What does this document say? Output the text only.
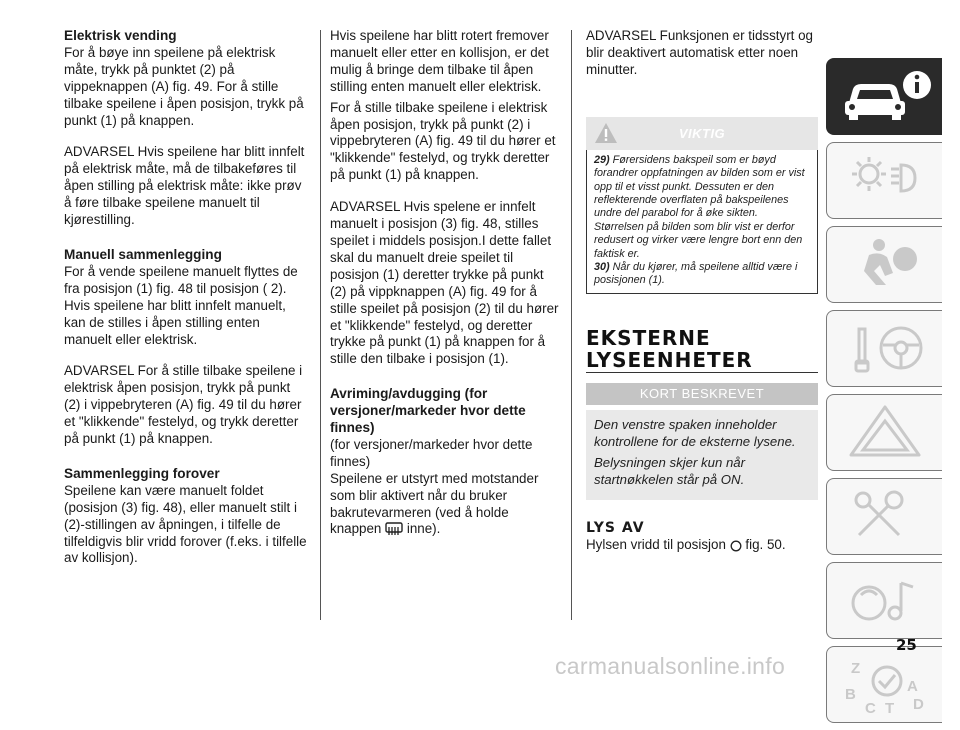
Elektrisk vending

For å bøye inn speilene på elektrisk måte, trykk på punktet (2) på vippeknappen (A) fig. 49. For å stille tilbake speilene i åpen posisjon, trykk på punkt (1) på knappen.

ADVARSEL Hvis speilene har blitt innfelt på elektrisk måte, må de tilbakeføres til åpen stilling på elektrisk måte: ikke prøv å føre tilbake speilene manuelt til kjørestilling.

Manuell sammenlegging

For å vende speilene manuelt flyttes de fra posisjon (1) fig. 48 til posisjon ( 2). Hvis speilene har blitt innfelt manuelt, kan de stilles i åpen stilling enten manuelt eller elektrisk.

ADVARSEL For å stille tilbake speilene i elektrisk åpen posisjon, trykk på punkt (2) i vippebryteren (A) fig. 49 til du hører et "klikkende" festelyd, og trykk deretter på punkt (1) på knappen.

Sammenlegging forover

Speilene kan være manuelt foldet (posisjon (3) fig. 48), eller manuelt stilt i (2)-stillingen av åpningen, i tilfelle de tilfeldigvis blir vridd forover (f.eks. i tilfelle av kollisjon).

Hvis speilene har blitt rotert fremover manuelt eller etter en kollisjon, er det mulig å bringe dem tilbake til åpen stilling enten manuelt eller elektrisk.

For å stille tilbake speilene i elektrisk åpen posisjon, trykk på punkt (2) i vippebryteren (A) fig. 49 til du hører et "klikkende" festelyd, og trykk deretter på punkt (1) på knappen.

ADVARSEL Hvis spelene er innfelt manuelt i posisjon (3) fig. 48, stilles speilet i middels posisjon.I dette fallet skal du manuelt dreie speilet til posisjon (1) deretter trykke på punkt (2) på vippknappen (A) fig. 49 for å stille speilet på posisjon (2) til du hører et "klikkende" festelyd, og deretter trykke på punkt (1) på knappen for å stille den tilbake i posisjon (1).

Avriming/avdugging (for versjoner/markeder hvor dette finnes)

(for versjoner/markeder hvor dette finnes)

Speilene er utstyrt med motstander som blir aktivert når du bruker bakrutevarmeren (ved å holde knappen inne).

ADVARSEL Funksjonen er tidsstyrt og blir deaktivert automatisk etter noen minutter.

VIKTIG
29) Førersidens bakspeil som er bøyd forandrer oppfatningen av bilden som er vist opp til et visst punkt. Dessuten er den reflekterende overflaten på bakspeilenes undre del parabol for å øke sikten. Størrelsen på bilden som blir vist er derfor redusert og virker være lengre bort enn den faktisk er.
30) Når du kjører, må speilene alltid være i posisjonen (1).
EKSTERNE
LYSEENHETER
KORT BESKREVET

Den venstre spaken inneholder kontrollene for de eksterne lysene.

Belysningen skjer kun når startnøkkelen står på ON.

LYS AV

Hylsen vridd til posisjon fig. 50.

Z
B	A
C T D
25
carmanualsonline.info
